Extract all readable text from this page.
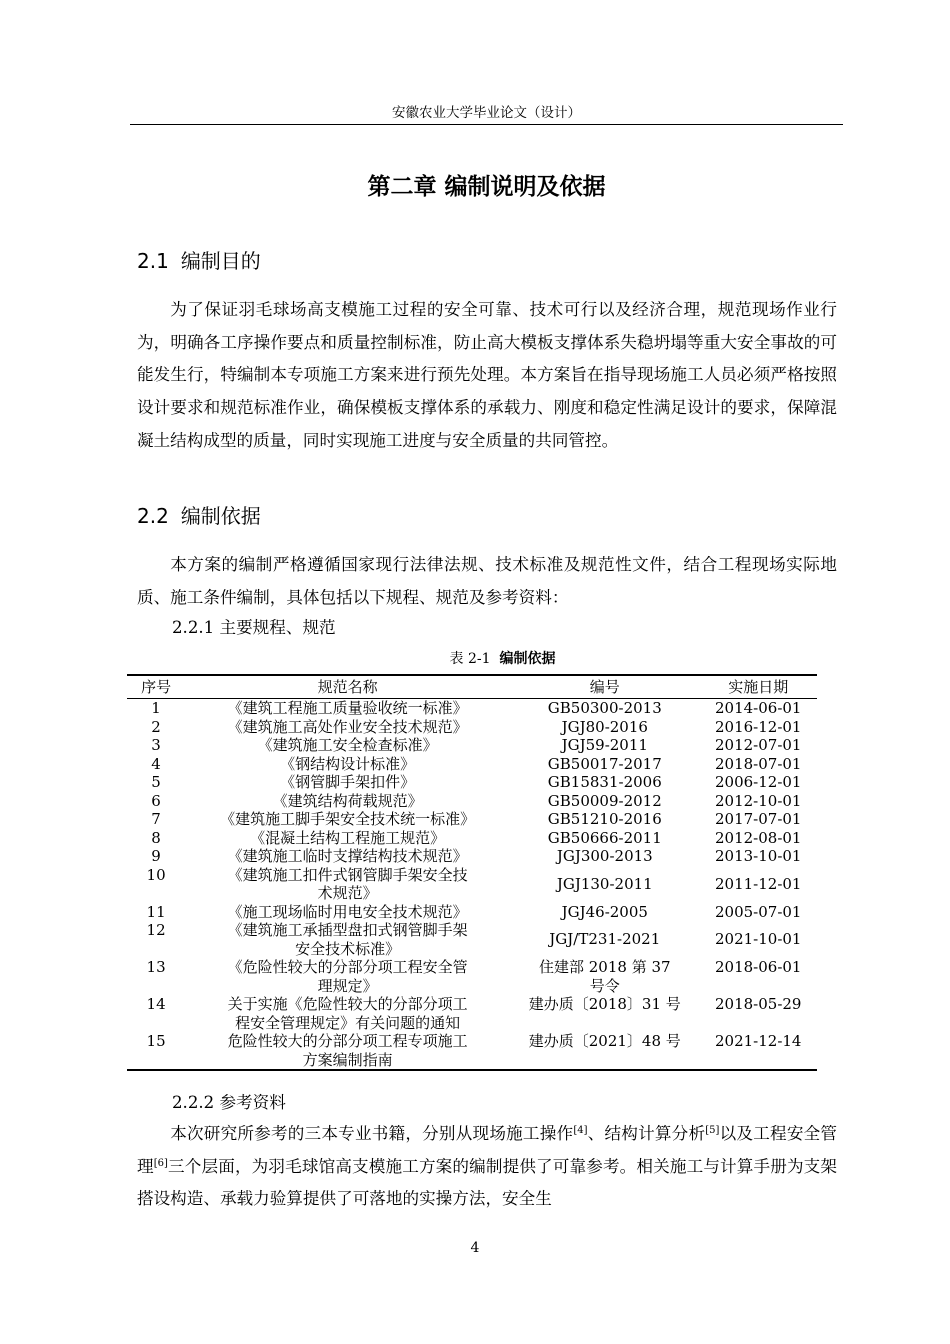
安徽农业大学毕业论文（设计）
第二章 编制说明及依据
2.1 编制目的

为了保证羽毛球场高支模施工过程的安全可靠、技术可行以及经济合理，规范现场作业行为，明确各工序操作要点和质量控制标准，防止高大模板支撑体系失稳坍塌等重大安全事故的可能发生行，特编制本专项施工方案来进行预先处理。本方案旨在指导现场施工人员必须严格按照设计要求和规范标准作业，确保模板支撑体系的承载力、刚度和稳定性满足设计的要求，保障混凝土结构成型的质量，同时实现施工进度与安全质量的共同管控。

2.2 编制依据

本方案的编制严格遵循国家现行法律法规、技术标准及规范性文件，结合工程现场实际地质、施工条件编制，具体包括以下规程、规范及参考资料：

2.2.1 主要规程、规范
表 2-1 编制依据
序号	规范名称	编号	实施日期
1	《建筑工程施工质量验收统一标准》	GB50300-2013	2014-06-01
2	《建筑施工高处作业安全技术规范》	JGJ80-2016	2016-12-01
3	《建筑施工安全检查标准》	JGJ59-2011	2012-07-01
4	《钢结构设计标准》	GB50017-2017	2018-07-01
5	《钢管脚手架扣件》	GB15831-2006	2006-12-01
6	《建筑结构荷载规范》	GB50009-2012	2012-10-01
7	《建筑施工脚手架安全技术统一标准》	GB51210-2016	2017-07-01
8	《混凝土结构工程施工规范》	GB50666-2011	2012-08-01
9	《建筑施工临时支撑结构技术规范》	JGJ300-2013	2013-10-01
10	《建筑施工扣件式钢管脚手架安全技术规范》	JGJ130-2011	2011-12-01
11	《施工现场临时用电安全技术规范》	JGJ46-2005	2005-07-01
12	《建筑施工承插型盘扣式钢管脚手架安全技术标准》	JGJ/T231-2021	2021-10-01
13	《危险性较大的分部分项工程安全管理规定》	住建部 2018 第 37 号令	2018-06-01
14	关于实施《危险性较大的分部分项工程安全管理规定》有关问题的通知	建办质〔2018〕31 号	2018-05-29
15	危险性较大的分部分项工程专项施工方案编制指南	建办质〔2021〕48 号	2021-12-14
2.2.2 参考资料

本次研究所参考的三本专业书籍，分别从现场施工操作[4]、结构计算分析[5]以及工程安全管理[6]三个层面，为羽毛球馆高支模施工方案的编制提供了可靠参考。相关施工与计算手册为支架搭设构造、承载力验算提供了可落地的实操方法，安全生

4
